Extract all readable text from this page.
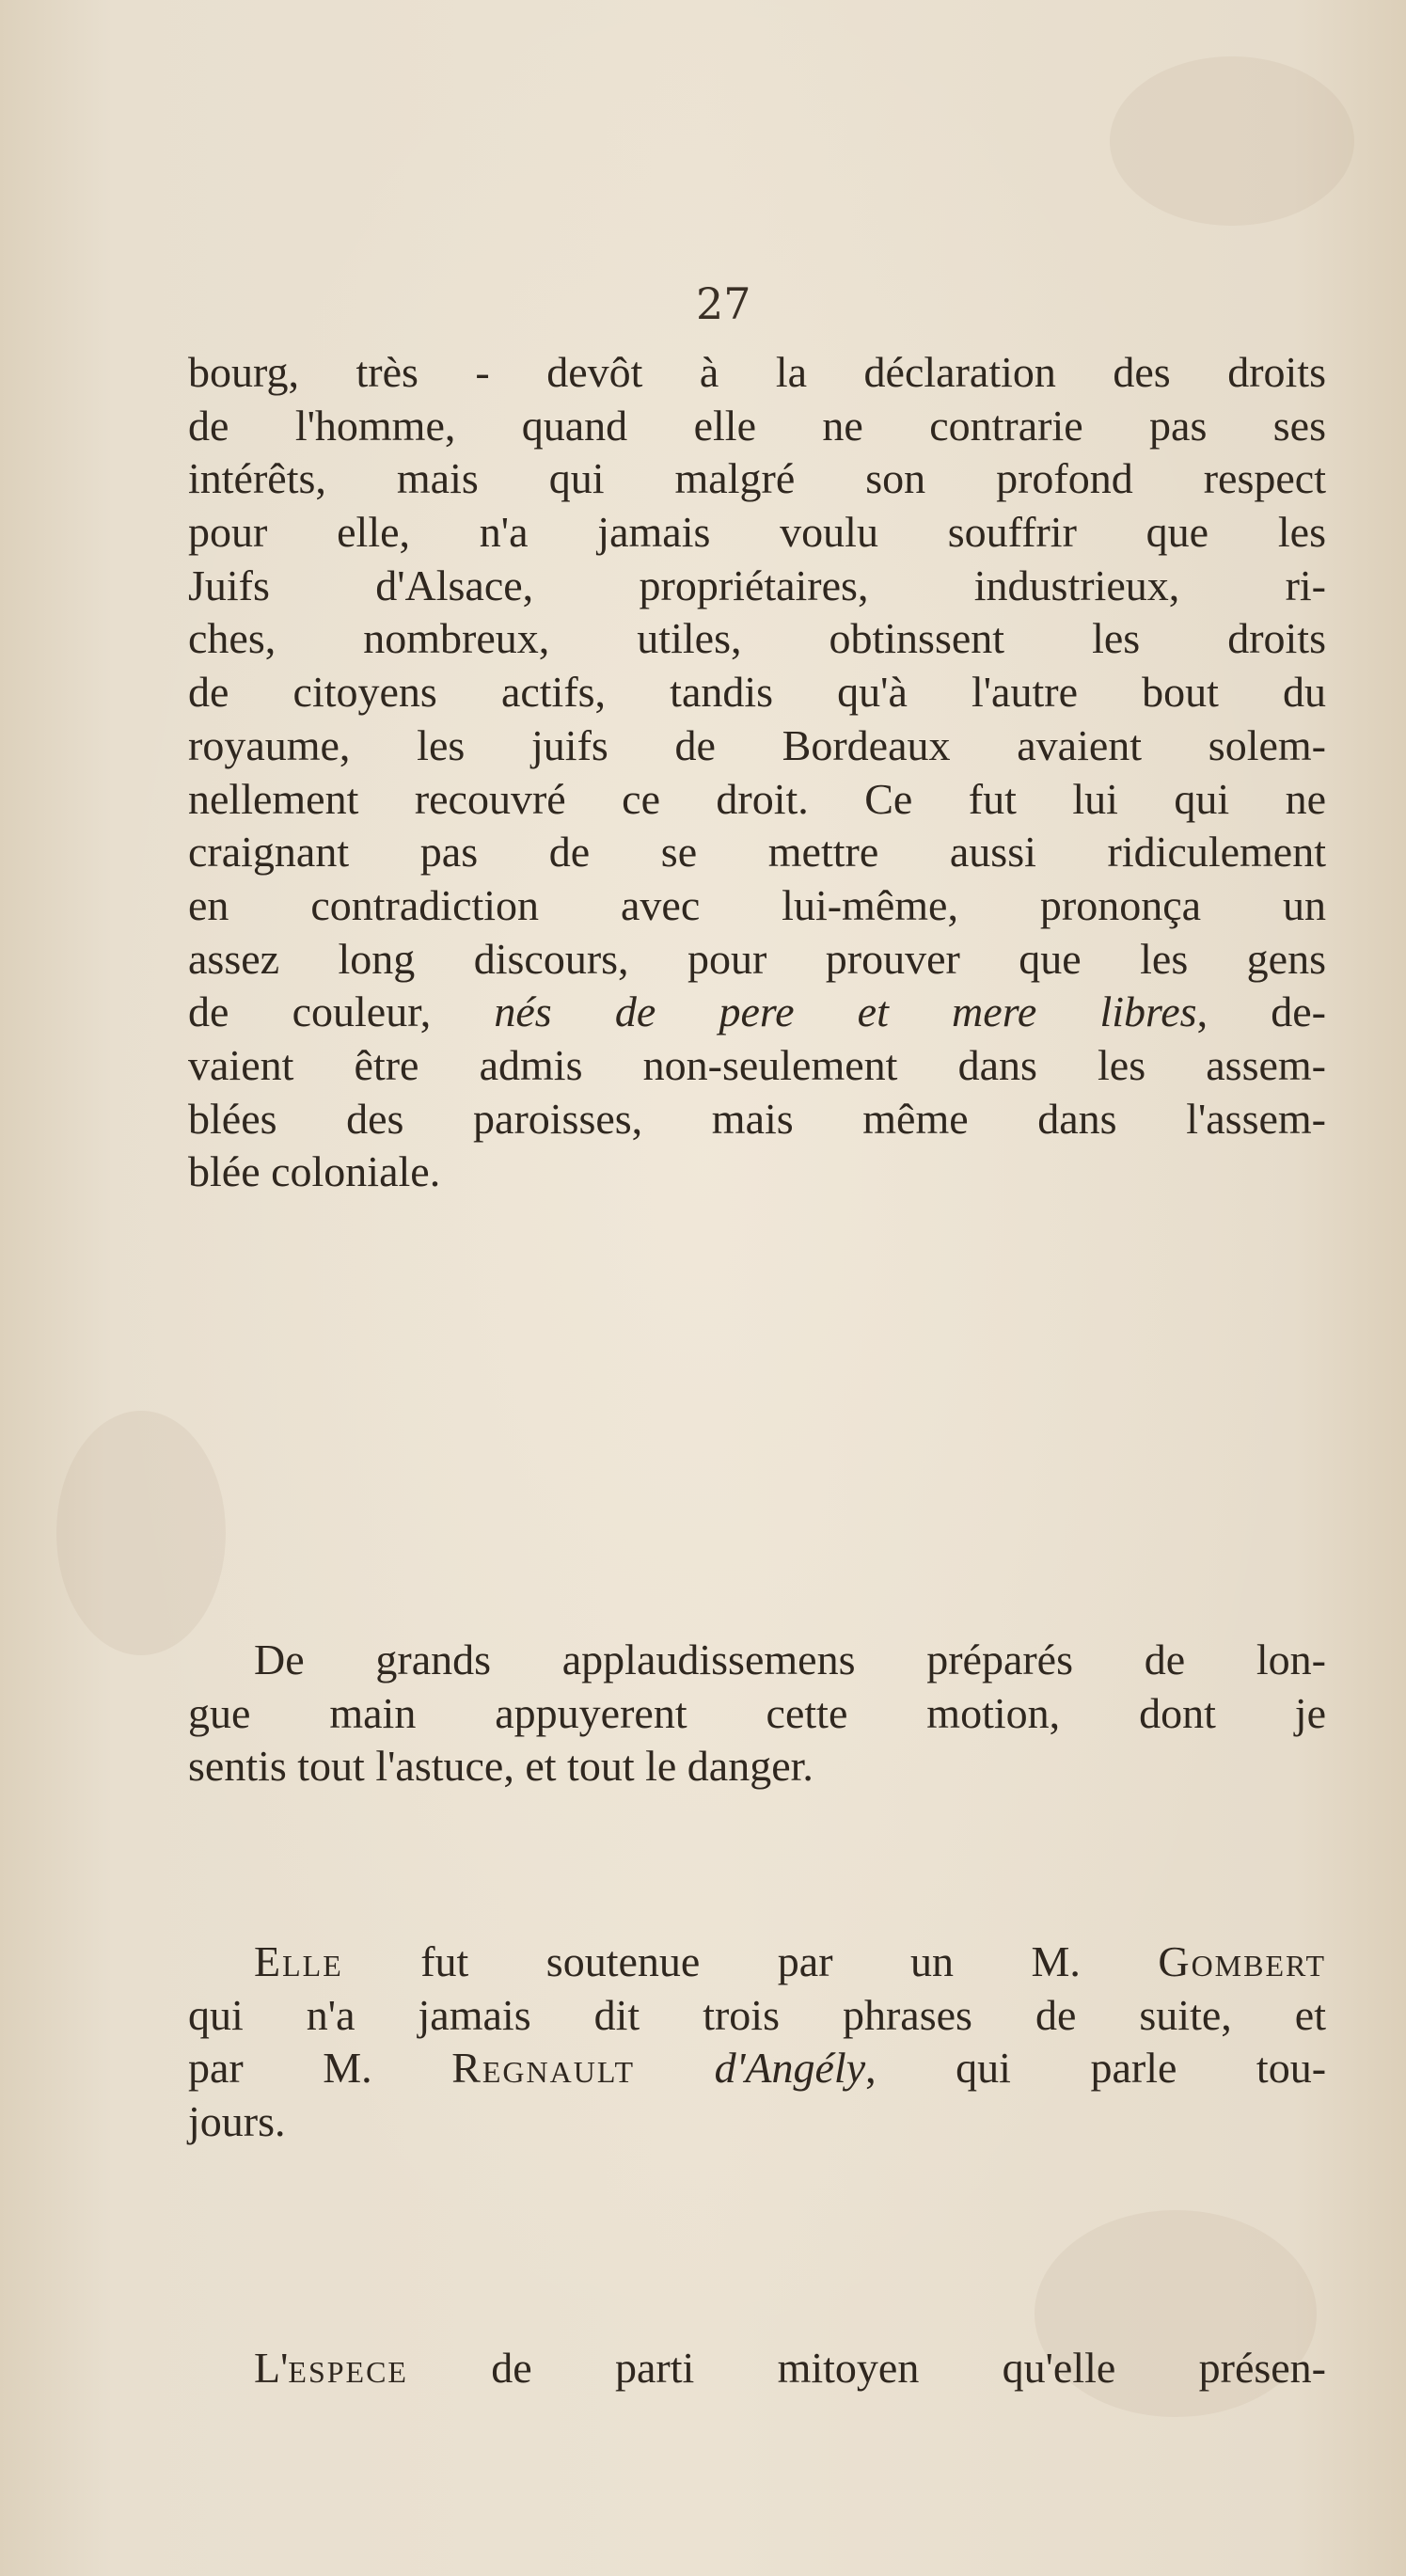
27
bourg, très - devôt à la déclaration des droits
de l'homme, quand elle ne contrarie pas ses
intérêts, mais qui malgré son profond respect
pour elle, n'a jamais voulu souffrir que les
Juifs d'Alsace, propriétaires, industrieux, ri-
ches, nombreux, utiles, obtinssent les droits
de citoyens actifs, tandis qu'à l'autre bout du
royaume, les juifs de Bordeaux avaient solem-
nellement recouvré ce droit. Ce fut lui qui ne
craignant pas de se mettre aussi ridiculement
en contradiction avec lui-même, prononça un
assez long discours, pour prouver que les gens
de couleur, nés de pere et mere libres, de-
vaient être admis non-seulement dans les assem-
blées des paroisses, mais même dans l'assem-
blée coloniale.
De grands applaudissemens préparés de lon-
gue main appuyerent cette motion, dont je
sentis tout l'astuce, et tout le danger.
Elle fut soutenue par un M. Gombert
qui n'a jamais dit trois phrases de suite, et
par M. Regnault d'Angély, qui parle tou-
jours.
L'espece de parti mitoyen qu'elle présen-
